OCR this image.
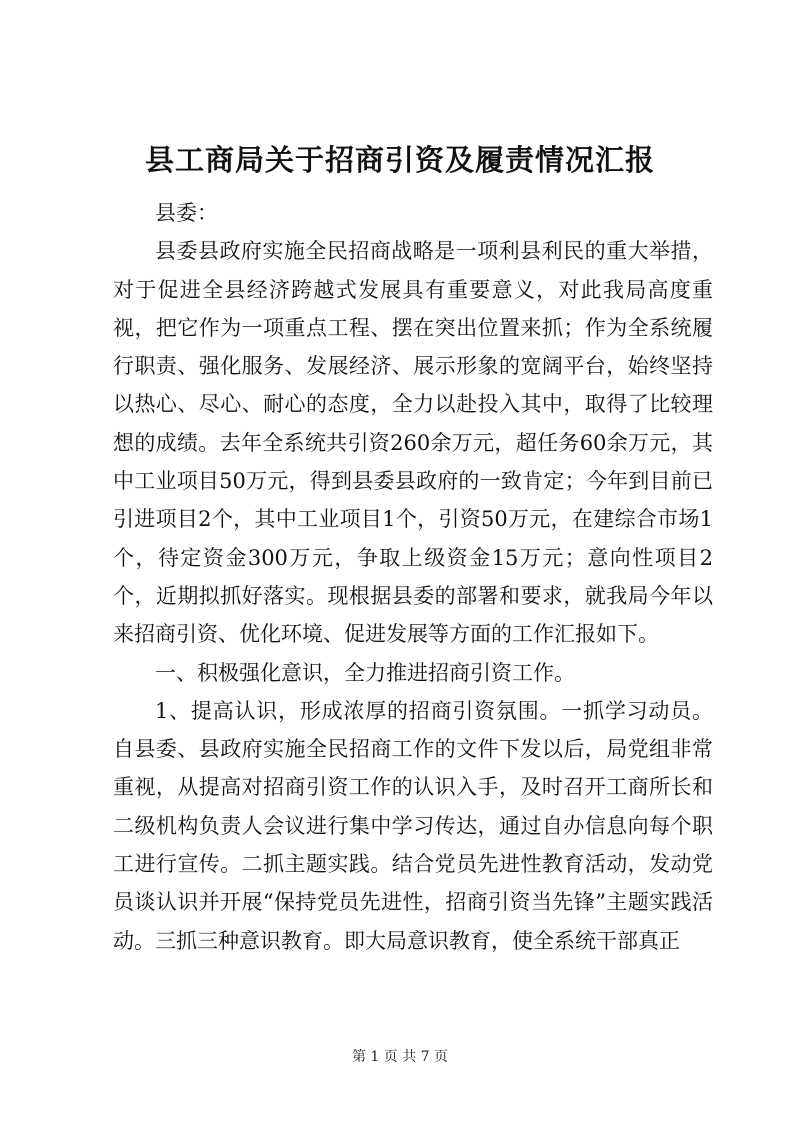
县工商局关于招商引资及履责情况汇报

县委：

县委县政府实施全民招商战略是一项利县利民的重大举措，对于促进全县经济跨越式发展具有重要意义，对此我局高度重视，把它作为一项重点工程、摆在突出位置来抓；作为全系统履行职责、强化服务、发展经济、展示形象的宽阔平台，始终坚持以热心、尽心、耐心的态度，全力以赴投入其中，取得了比较理想的成绩。去年全系统共引资260余万元，超任务60余万元，其中工业项目50万元，得到县委县政府的一致肯定；今年到目前已引进项目2个，其中工业项目1个，引资50万元，在建综合市场1个，待定资金300万元，争取上级资金15万元；意向性项目2个，近期拟抓好落实。现根据县委的部署和要求，就我局今年以来招商引资、优化环境、促进发展等方面的工作汇报如下。

一、积极强化意识，全力推进招商引资工作。

1、提高认识，形成浓厚的招商引资氛围。一抓学习动员。自县委、县政府实施全民招商工作的文件下发以后，局党组非常重视，从提高对招商引资工作的认识入手，及时召开工商所长和二级机构负责人会议进行集中学习传达，通过自办信息向每个职工进行宣传。二抓主题实践。结合党员先进性教育活动，发动党员谈认识并开展“保持党员先进性，招商引资当先锋”主题实践活动。三抓三种意识教育。即大局意识教育，使全系统干部真正

第 1 页 共 7 页
